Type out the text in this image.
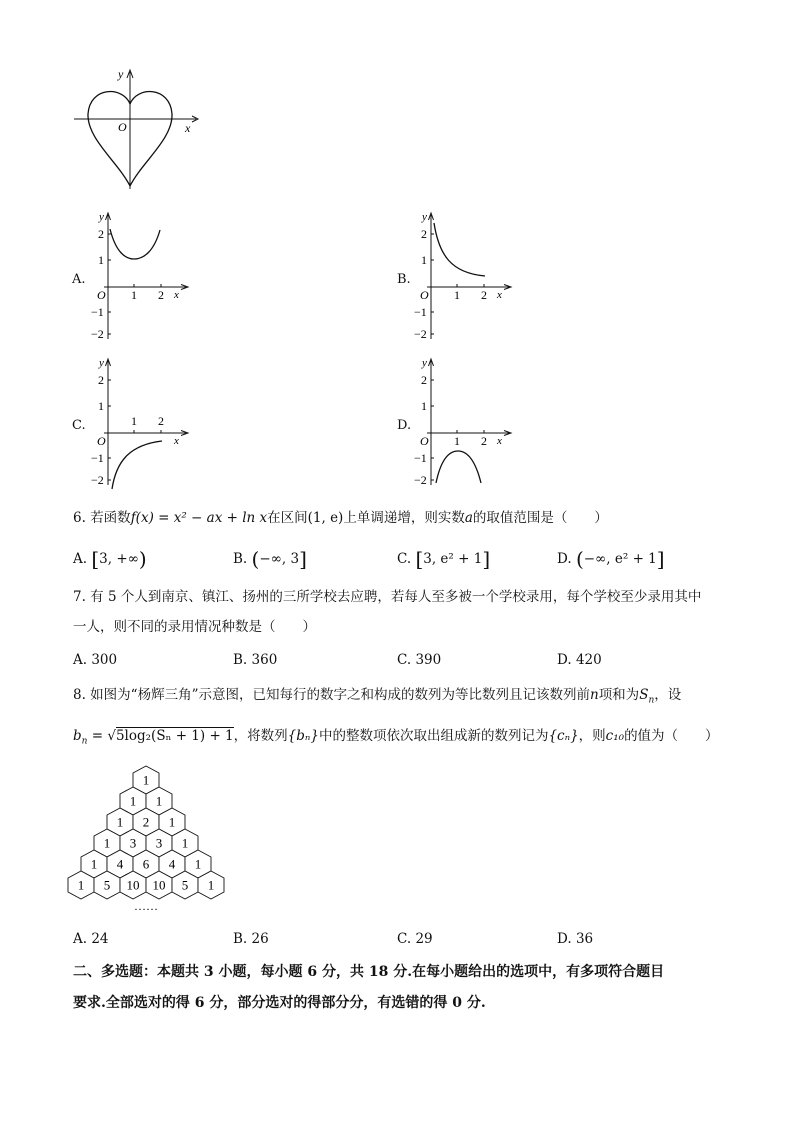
y
x
O
A.
y
2
1
O 1 2 x
−1
−2
B.
y
2
1
O 1 2 x
−1
−2
C.
y
2
1
O
1 2
x
−1
−2
D.
y
2
1
O 1 2 x
−1
−2
6. 若函数f(x) = x² − ax + ln x在区间(1, e)上单调递增，则实数a的取值范围是（　　）
A. [3, +∞)	B. (−∞, 3]	C. [3, e² + 1]	D. (−∞, e² + 1]
7. 有 5 个人到南京、镇江、扬州的三所学校去应聘，若每人至多被一个学校录用，每个学校至少录用其中
一人，则不同的录用情况种数是（　　）
A. 300	B. 360	C. 390	D. 420
8. 如图为“杨辉三角”示意图，已知每行的数字之和构成的数列为等比数列且记该数列前n项和为$S_n$，设
$b_n = √5\log_2(S_n + 1) + 1$，将数列{bₙ}中的整数项依次取出组成新的数列记为{cₙ}，则c₁₀的值为（　　）
……
1
1 1
1 2 1
1 3 3 1
1 4 6 4 1
1 5 10 10 5 1
A. 24	B. 26	C. 29	D. 36
二、多选题：本题共 3 小题，每小题 6 分，共 18 分.在每小题给出的选项中，有多项符合题目
要求.全部选对的得 6 分，部分选对的得部分分，有选错的得 0 分.
